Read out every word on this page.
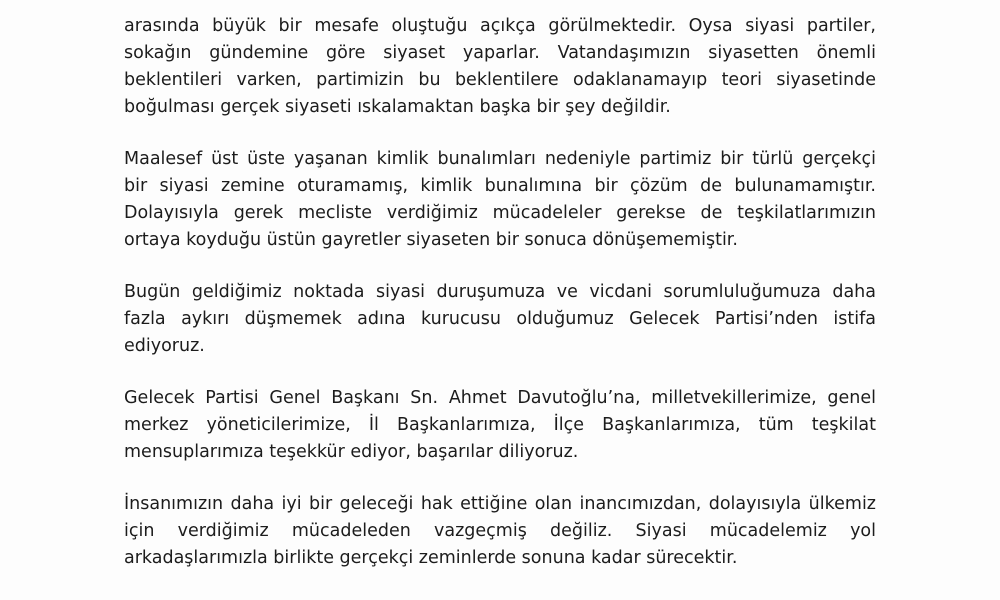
arasında büyük bir mesafe oluştuğu açıkça görülmektedir. Oysa siyasi partiler,
sokağın gündemine göre siyaset yaparlar. Vatandaşımızın siyasetten önemli
beklentileri varken, partimizin bu beklentilere odaklanamayıp teori siyasetinde
boğulması gerçek siyaseti ıskalamaktan başka bir şey değildir.
Maalesef üst üste yaşanan kimlik bunalımları nedeniyle partimiz bir türlü gerçekçi
bir siyasi zemine oturamamış, kimlik bunalımına bir çözüm de bulunamamıştır.
Dolayısıyla gerek mecliste verdiğimiz mücadeleler gerekse de teşkilatlarımızın
ortaya koyduğu üstün gayretler siyaseten bir sonuca dönüşememiştir.
Bugün geldiğimiz noktada siyasi duruşumuza ve vicdani sorumluluğumuza daha
fazla aykırı düşmemek adına kurucusu olduğumuz Gelecek Partisi’nden istifa
ediyoruz.
Gelecek Partisi Genel Başkanı Sn. Ahmet Davutoğlu’na, milletvekillerimize, genel
merkez yöneticilerimize, İl Başkanlarımıza, İlçe Başkanlarımıza, tüm teşkilat
mensuplarımıza teşekkür ediyor, başarılar diliyoruz.
İnsanımızın daha iyi bir geleceği hak ettiğine olan inancımızdan, dolayısıyla ülkemiz
için verdiğimiz mücadeleden vazgeçmiş değiliz. Siyasi mücadelemiz yol
arkadaşlarımızla birlikte gerçekçi zeminlerde sonuna kadar sürecektir.
